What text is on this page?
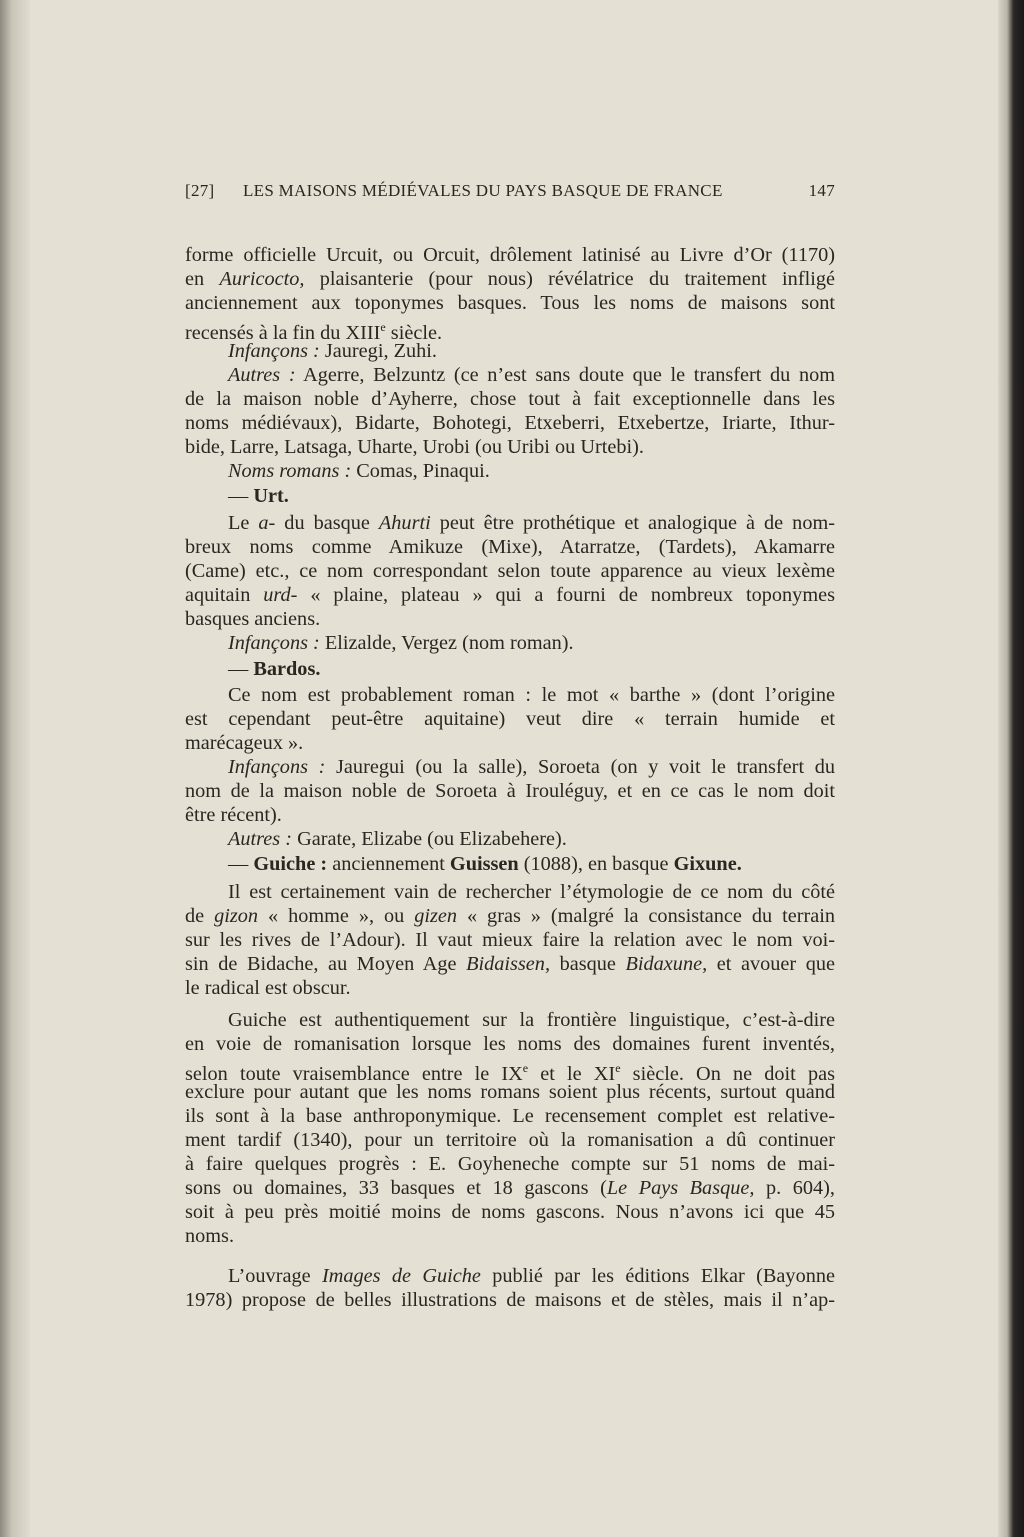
[27] LES MAISONS MÉDIÉVALES DU PAYS BASQUE DE FRANCE	147
forme officielle Urcuit, ou Orcuit, drôlement latinisé au Livre d’Or (1170)
en Auricocto, plaisanterie (pour nous) révélatrice du traitement infligé
anciennement aux toponymes basques. Tous les noms de maisons sont
recensés à la fin du XIIIe siècle.
Infançons : Jauregi, Zuhi.
Autres : Agerre, Belzuntz (ce n’est sans doute que le transfert du nom
de la maison noble d’Ayherre, chose tout à fait exceptionnelle dans les
noms médiévaux), Bidarte, Bohotegi, Etxeberri, Etxebertze, Iriarte, Ithur-
bide, Larre, Latsaga, Uharte, Urobi (ou Uribi ou Urtebi).
Noms romans : Comas, Pinaqui.
— Urt.
Le a- du basque Ahurti peut être prothétique et analogique à de nom-
breux noms comme Amikuze (Mixe), Atarratze, (Tardets), Akamarre
(Came) etc., ce nom correspondant selon toute apparence au vieux lexème
aquitain urd- « plaine, plateau » qui a fourni de nombreux toponymes
basques anciens.
Infançons : Elizalde, Vergez (nom roman).
— Bardos.
Ce nom est probablement roman : le mot « barthe » (dont l’origine
est cependant peut-être aquitaine) veut dire « terrain humide et
marécageux ».
Infançons : Jauregui (ou la salle), Soroeta (on y voit le transfert du
nom de la maison noble de Soroeta à Irouléguy, et en ce cas le nom doit
être récent).
Autres : Garate, Elizabe (ou Elizabehere).
— Guiche : anciennement Guissen (1088), en basque Gixune.
Il est certainement vain de rechercher l’étymologie de ce nom du côté
de gizon « homme », ou gizen « gras » (malgré la consistance du terrain
sur les rives de l’Adour). Il vaut mieux faire la relation avec le nom voi-
sin de Bidache, au Moyen Age Bidaissen, basque Bidaxune, et avouer que
le radical est obscur.
Guiche est authentiquement sur la frontière linguistique, c’est-à-dire
en voie de romanisation lorsque les noms des domaines furent inventés,
selon toute vraisemblance entre le IXe et le XIe siècle. On ne doit pas
exclure pour autant que les noms romans soient plus récents, surtout quand
ils sont à la base anthroponymique. Le recensement complet est relative-
ment tardif (1340), pour un territoire où la romanisation a dû continuer
à faire quelques progrès : E. Goyheneche compte sur 51 noms de mai-
sons ou domaines, 33 basques et 18 gascons (Le Pays Basque, p. 604),
soit à peu près moitié moins de noms gascons. Nous n’avons ici que 45
noms.
L’ouvrage Images de Guiche publié par les éditions Elkar (Bayonne
1978) propose de belles illustrations de maisons et de stèles, mais il n’ap-
